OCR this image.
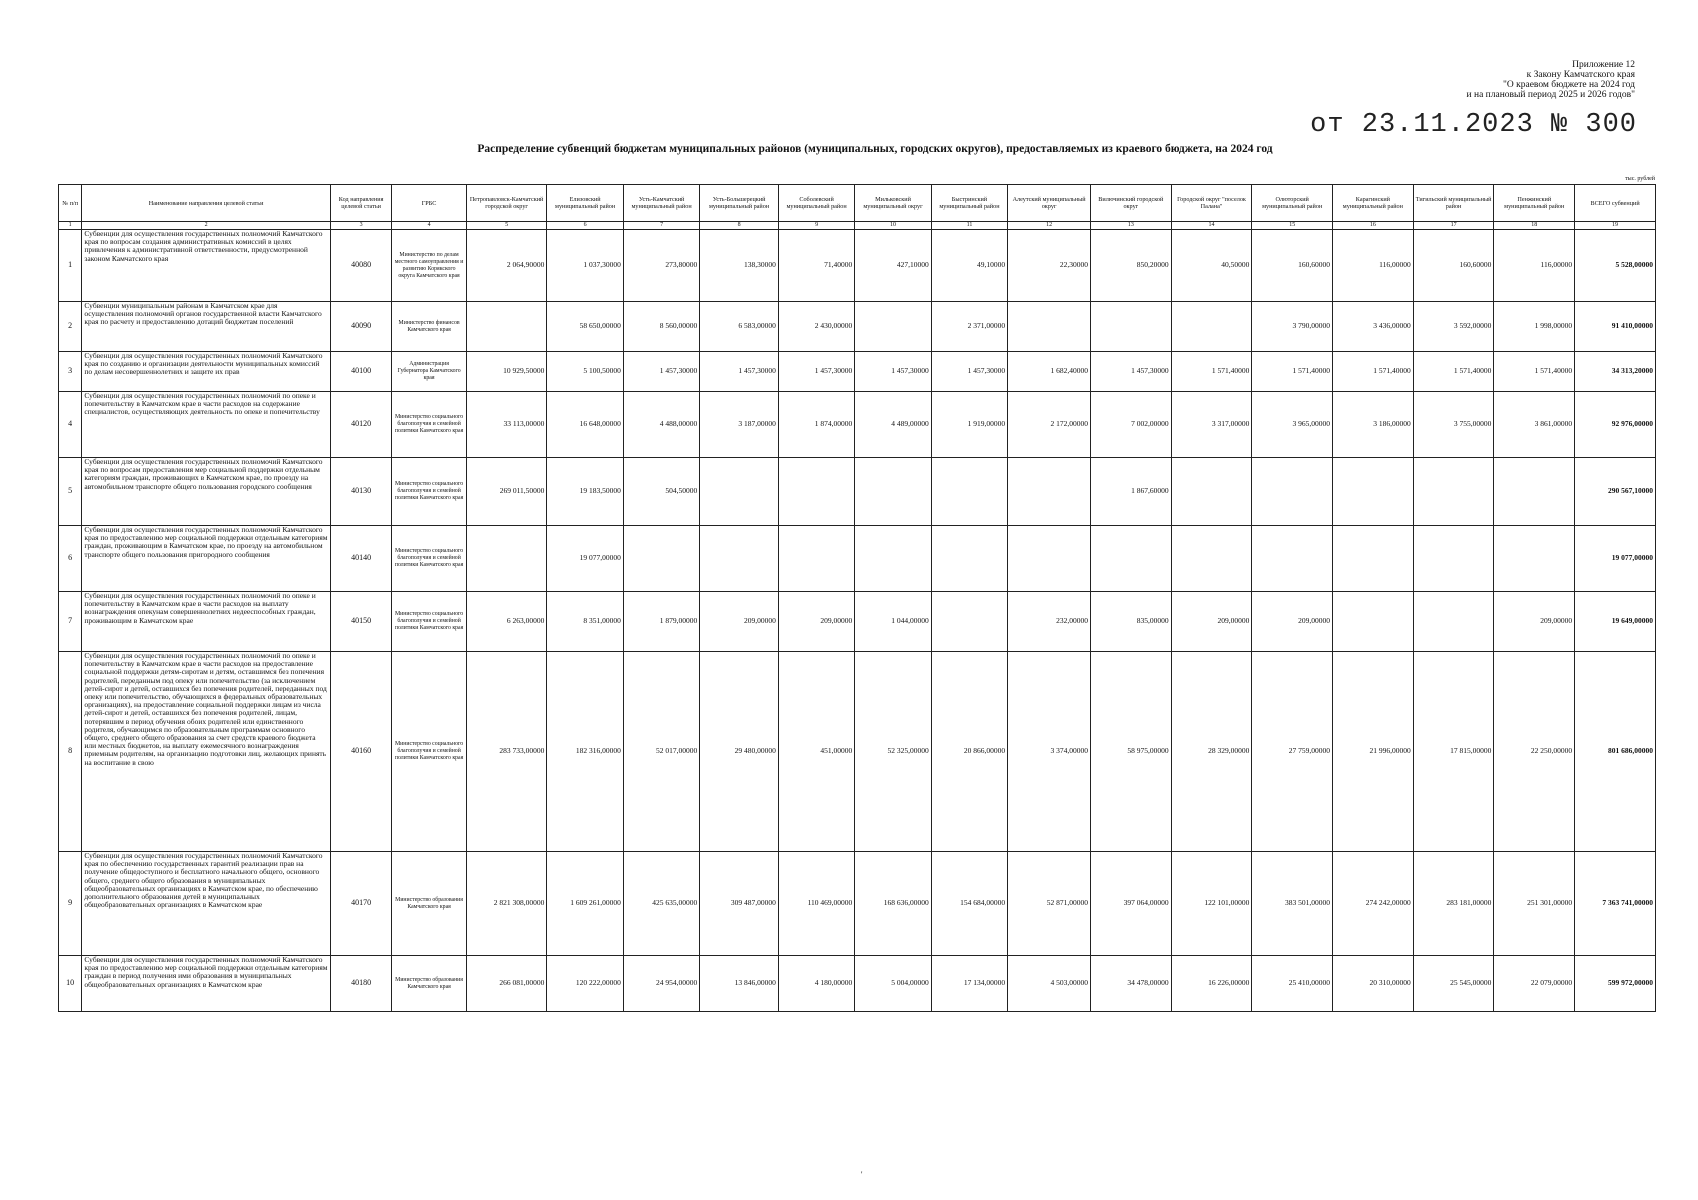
Приложение 12
к Закону Камчатского края
"О краевом бюджете на 2024 год
и на плановый период 2025 и 2026 годов"
от 23.11.2023 № 300
Распределение субвенций бюджетам муниципальных районов (муниципальных, городских округов), предоставляемых из краевого бюджета, на 2024 год
тыс. рублей
№ п/п	Наименование направления целевой статьи	Код направления целевой статьи	ГРБС	Петропавловск-Камчатский городской округ	Елизовский муниципальный район	Усть-Камчатский муниципальный район	Усть-Большерецкий муниципальный район	Соболевский муниципальный район	Мильковский муниципальный округ	Быстринский муниципальный район	Алеутский муниципальный округ	Вилючинский городской округ	Городской округ "поселок Палана"	Олюторский муниципальный район	Карагинский муниципальный район	Тигильский муниципальный район	Пенжинский муниципальный район	ВСЕГО субвенций
1	2	3	4	5	6	7	8	9	10	11	12	13	14	15	16	17	18	19
1	Субвенции для осуществления государственных полномочий Камчатского края по вопросам создания административных комиссий в целях привлечения к административной ответственности, предусмотренной законом Камчатского края	40080	Министерство по делам местного самоуправления и развитию Корякского округа Камчатского края	2 064,90000	1 037,30000	273,80000	138,30000	71,40000	427,10000	49,10000	22,30000	850,20000	40,50000	160,60000	116,00000	160,60000	116,00000	5 528,00000
2	Субвенции муниципальным районам в Камчатском крае для осуществления полномочий органов государственной власти Камчатского края по расчету и предоставлению дотаций бюджетам поселений	40090	Министерство финансов Камчатского края		58 650,00000	8 560,00000	6 583,00000	2 430,00000		2 371,00000				3 790,00000	3 436,00000	3 592,00000	1 998,00000	91 410,00000
3	Субвенции для осуществления государственных полномочий Камчатского края по созданию и организации деятельности муниципальных комиссий по делам несовершеннолетних и защите их прав	40100	Администрация Губернатора Камчатского края	10 929,50000	5 100,50000	1 457,30000	1 457,30000	1 457,30000	1 457,30000	1 457,30000	1 682,40000	1 457,30000	1 571,40000	1 571,40000	1 571,40000	1 571,40000	1 571,40000	34 313,20000
4	Субвенции для осуществления государственных полномочий по опеке и попечительству в Камчатском крае в части расходов на содержание специалистов, осуществляющих деятельность по опеке и попечительству	40120	Министерство социального благополучия и семейной политики Камчатского края	33 113,00000	16 648,00000	4 488,00000	3 187,00000	1 874,00000	4 489,00000	1 919,00000	2 172,00000	7 002,00000	3 317,00000	3 965,00000	3 186,00000	3 755,00000	3 861,00000	92 976,00000
5	Субвенции для осуществления государственных полномочий Камчатского края по вопросам предоставления мер социальной поддержки отдельным категориям граждан, проживающих в Камчатском крае, по проезду на автомобильном транспорте общего пользования городского сообщения	40130	Министерство социального благополучия и семейной политики Камчатского края	269 011,50000	19 183,50000	504,50000						1 867,60000						290 567,10000
6	Субвенции для осуществления государственных полномочий Камчатского края по предоставлению мер социальной поддержки отдельным категориям граждан, проживающим в Камчатском крае, по проезду на автомобильном транспорте общего пользования пригородного сообщения	40140	Министерство социального благополучия и семейной политики Камчатского края		19 077,00000													19 077,00000
7	Субвенции для осуществления государственных полномочий по опеке и попечительству в Камчатском крае в части расходов на выплату вознаграждения опекунам совершеннолетних недееспособных граждан, проживающим в Камчатском крае	40150	Министерство социального благополучия и семейной политики Камчатского края	6 263,00000	8 351,00000	1 879,00000	209,00000	209,00000	1 044,00000		232,00000	835,00000	209,00000	209,00000			209,00000	19 649,00000
8	Субвенции для осуществления государственных полномочий по опеке и попечительству в Камчатском крае в части расходов на предоставление социальной поддержки детям-сиротам и детям, оставшимся без попечения родителей, переданным под опеку или попечительство (за исключением детей-сирот и детей, оставшихся без попечения родителей, переданных под опеку или попечительство, обучающихся в федеральных образовательных организациях), на предоставление социальной поддержки лицам из числа детей-сирот и детей, оставшихся без попечения родителей, лицам, потерявшим в период обучения обоих родителей или единственного родителя, обучающимся по образовательным программам основного общего, среднего общего образования за счет средств краевого бюджета или местных бюджетов, на выплату ежемесячного вознаграждения приемным родителям, на организацию подготовки лиц, желающих принять на воспитание в свою	40160	Министерство социального благополучия и семейной политики Камчатского края	283 733,00000	182 316,00000	52 017,00000	29 480,00000	451,00000	52 325,00000	20 866,00000	3 374,00000	58 975,00000	28 329,00000	27 759,00000	21 996,00000	17 815,00000	22 250,00000	801 686,00000
9	Субвенции для осуществления государственных полномочий Камчатского края по обеспечению государственных гарантий реализации прав на получение общедоступного и бесплатного начального общего, основного общего, среднего общего образования в муниципальных общеобразовательных организациях в Камчатском крае, по обеспечению дополнительного образования детей в муниципальных общеобразовательных организациях в Камчатском крае	40170	Министерство образования Камчатского края	2 821 308,00000	1 609 261,00000	425 635,00000	309 487,00000	110 469,00000	168 636,00000	154 684,00000	52 871,00000	397 064,00000	122 101,00000	383 501,00000	274 242,00000	283 181,00000	251 301,00000	7 363 741,00000
10	Субвенции для осуществления государственных полномочий Камчатского края по предоставлению мер социальной поддержки отдельным категориям граждан в период получения ими образования в муниципальных общеобразовательных организациях в Камчатском крае	40180	Министерство образования Камчатского края	266 081,00000	120 222,00000	24 954,00000	13 846,00000	4 180,00000	5 004,00000	17 134,00000	4 503,00000	34 478,00000	16 226,00000	25 410,00000	20 310,00000	25 545,00000	22 079,00000	599 972,00000
'
